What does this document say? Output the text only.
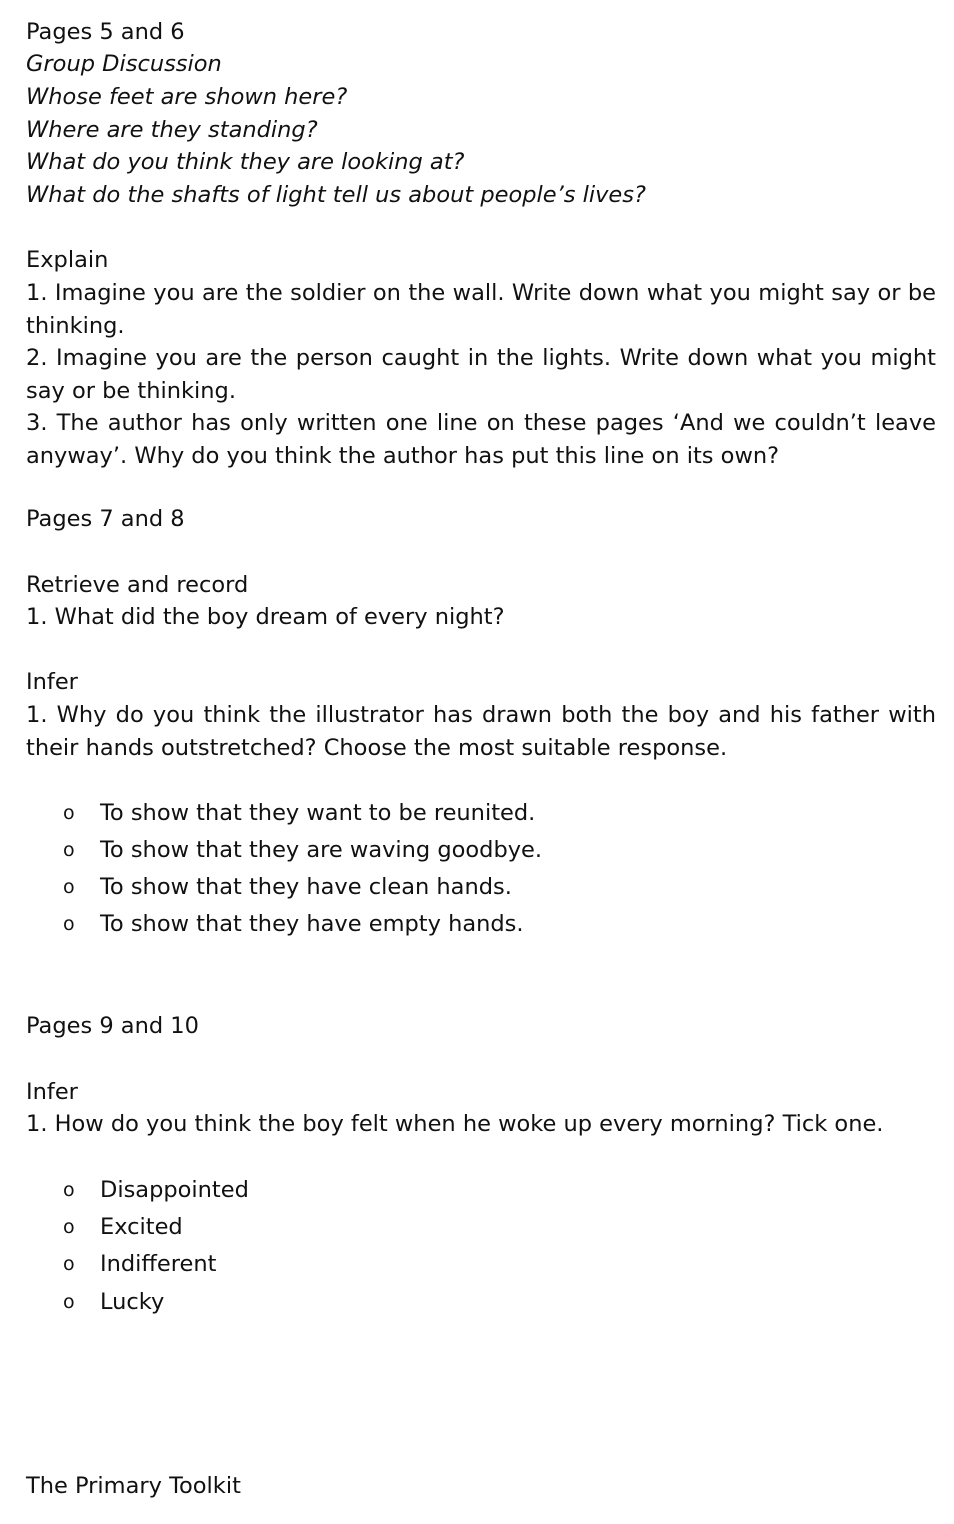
Pages 5 and 6
Group Discussion
Whose feet are shown here?
Where are they standing?
What do you think they are looking at?
What do the shafts of light tell us about people’s lives?
Explain
1. Imagine you are the soldier on the wall. Write down what you might say or be thinking.
2. Imagine you are the person caught in the lights. Write down what you might say or be thinking.
3. The author has only written one line on these pages ‘And we couldn’t leave anyway’. Why do you think the author has put this line on its own?
Pages 7 and 8
Retrieve and record
1. What did the boy dream of every night?
Infer
1. Why do you think the illustrator has drawn both the boy and his father with their hands outstretched? Choose the most suitable response.
o To show that they want to be reunited.
o To show that they are waving goodbye.
o To show that they have clean hands.
o To show that they have empty hands.
Pages 9 and 10
Infer
1. How do you think the boy felt when he woke up every morning? Tick one.
o Disappointed
o Excited
o Indifferent
o Lucky
The Primary Toolkit
